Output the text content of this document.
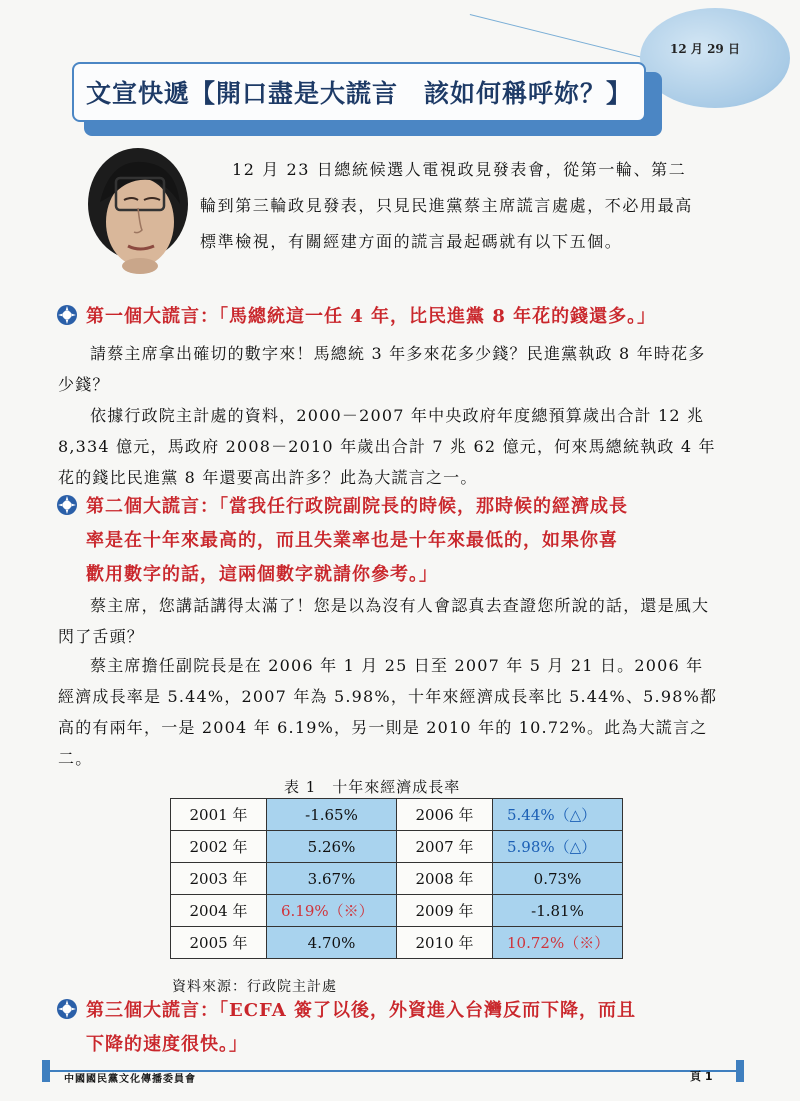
12 月 29 日
文宣快遞【開口盡是大謊言　該如何稱呼妳？】

12 月 23 日總統候選人電視政見發表會，從第一輪、第二輪到第三輪政見發表，只見民進黨蔡主席謊言處處，不必用最高標準檢視，有關經建方面的謊言最起碼就有以下五個。

第一個大謊言：「馬總統這一任 4 年，比民進黨 8 年花的錢還多。」

請蔡主席拿出確切的數字來！馬總統 3 年多來花多少錢？民進黨執政 8 年時花多少錢？

依據行政院主計處的資料，2000－2007 年中央政府年度總預算歲出合計 12 兆 8,334 億元，馬政府 2008－2010 年歲出合計 7 兆 62 億元，何來馬總統執政 4 年花的錢比民進黨 8 年還要高出許多？此為大謊言之一。

第二個大謊言：「當我任行政院副院長的時候，那時候的經濟成長
率是在十年來最高的，而且失業率也是十年來最低的，如果你喜
歡用數字的話，這兩個數字就請你參考。」

蔡主席，您講話講得太滿了！您是以為沒有人會認真去查證您所說的話，還是風大閃了舌頭？

蔡主席擔任副院長是在 2006 年 1 月 25 日至 2007 年 5 月 21 日。2006 年經濟成長率是 5.44%，2007 年為 5.98%，十年來經濟成長率比 5.44%、5.98%都高的有兩年，一是 2004 年 6.19%，另一則是 2010 年的 10.72%。此為大謊言之二。

表 1　十年來經濟成長率

2001 年	-1.65%	2006 年	5.44%（△）
2002 年	5.26%	2007 年	5.98%（△）
2003 年	3.67%	2008 年	0.73%
2004 年	6.19%（※）	2009 年	-1.81%
2005 年	4.70%	2010 年	10.72%（※）

資料來源：行政院主計處

第三個大謊言：「ECFA 簽了以後，外資進入台灣反而下降，而且
下降的速度很快。」
中國國民黨文化傳播委員會	頁 1
